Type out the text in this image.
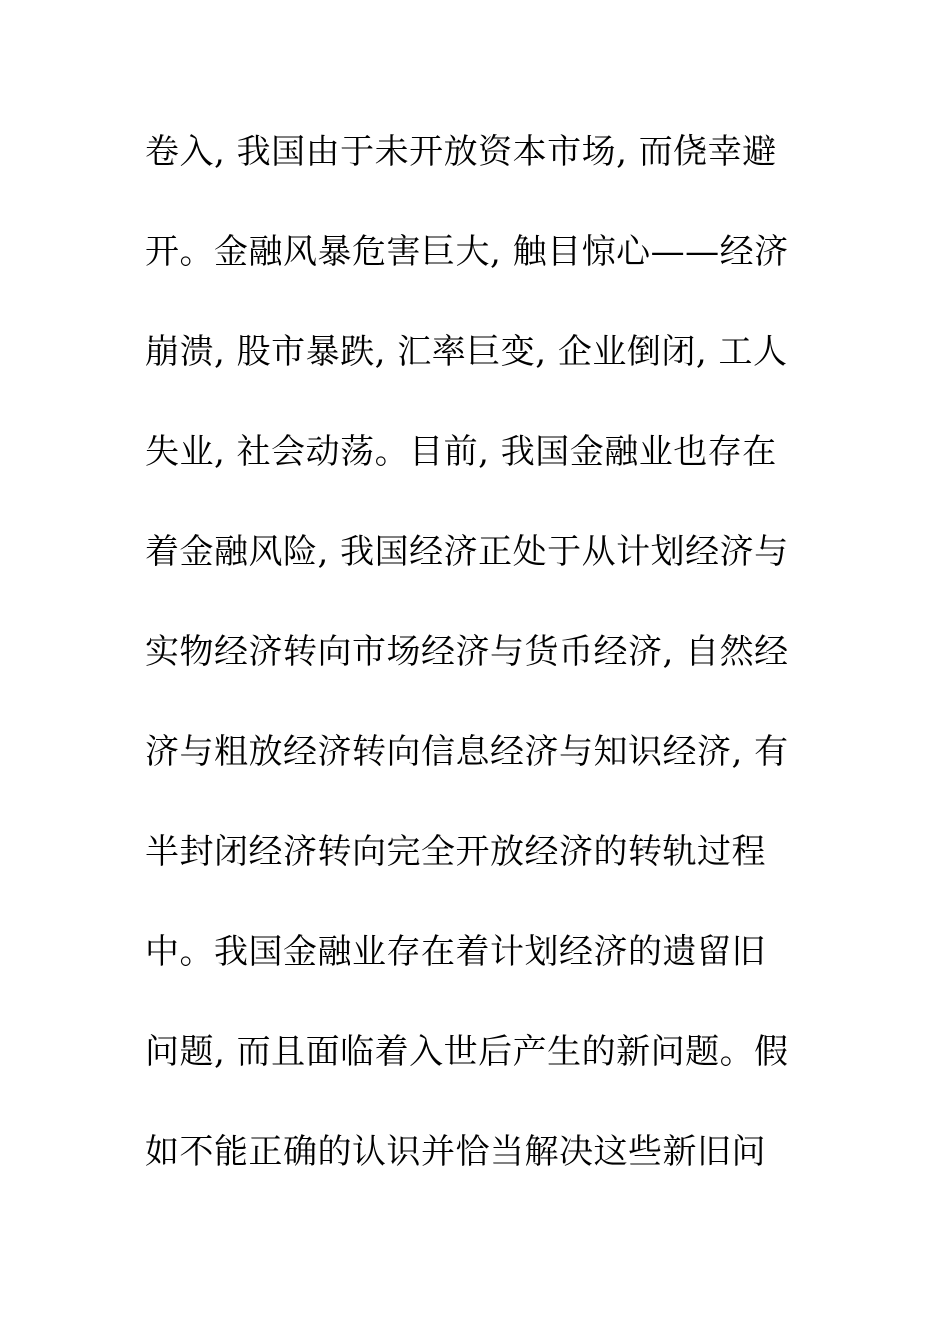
卷入, 我国由于未开放资本市场, 而侥幸避
开。金融风暴危害巨大, 触目惊心——经济
崩溃, 股市暴跌, 汇率巨变, 企业倒闭, 工人
失业, 社会动荡。目前, 我国金融业也存在
着金融风险, 我国经济正处于从计划经济与
实物经济转向市场经济与货币经济, 自然经
济与粗放经济转向信息经济与知识经济, 有
半封闭经济转向完全开放经济的转轨过程
中。我国金融业存在着计划经济的遗留旧
问题, 而且面临着入世后产生的新问题。假
如不能正确的认识并恰当解决这些新旧问
